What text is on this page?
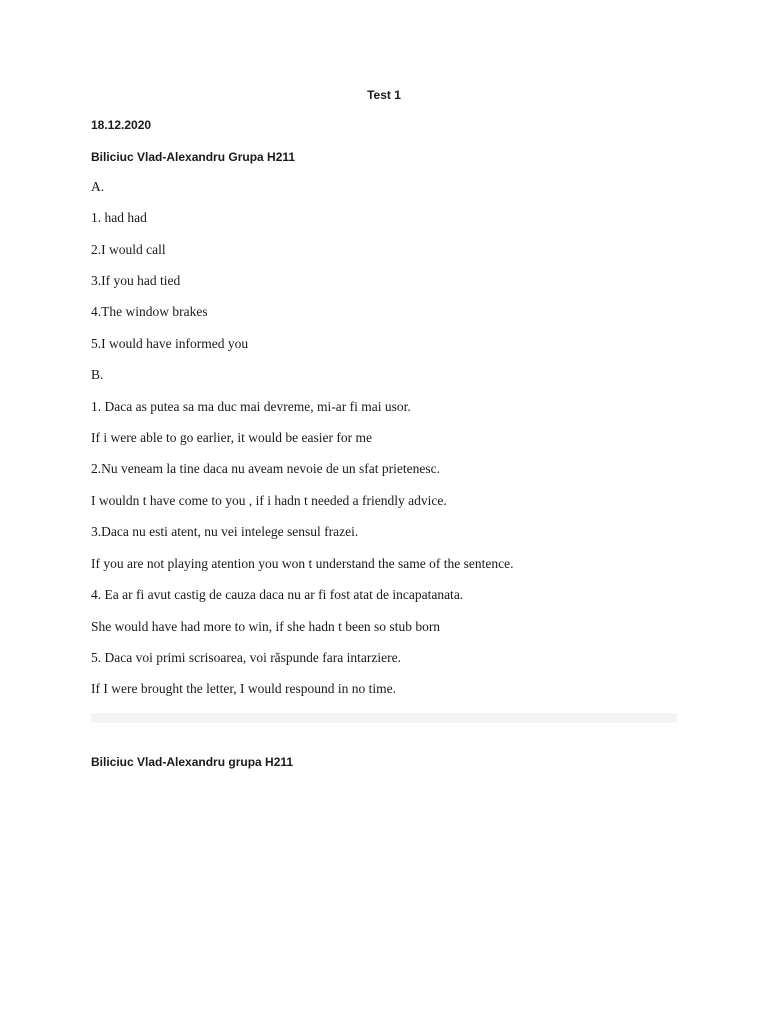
Test 1
18.12.2020
Biliciuc Vlad-Alexandru Grupa H211
A.
1. had had
2.I would call
3.If you had tied
4.The window brakes
5.I would have informed you
B.
1. Daca as putea sa ma duc mai devreme, mi-ar fi mai usor.
If i were able to go earlier, it would be easier for me
2.Nu veneam la tine daca nu aveam nevoie de un sfat prietenesc.
I wouldn t have come to you , if i hadn t needed a friendly advice.
3.Daca nu esti atent, nu vei intelege sensul frazei.
If you are not playing atention you won t understand the same of the sentence.
4. Ea ar fi avut castig de cauza daca nu ar fi fost atat de incapatanata.
She would have had more to win, if she hadn t been so stub born
5. Daca voi primi scrisoarea, voi răspunde fara intarziere.
If I were brought the letter, I would respound in no time.
Biliciuc Vlad-Alexandru grupa H211
